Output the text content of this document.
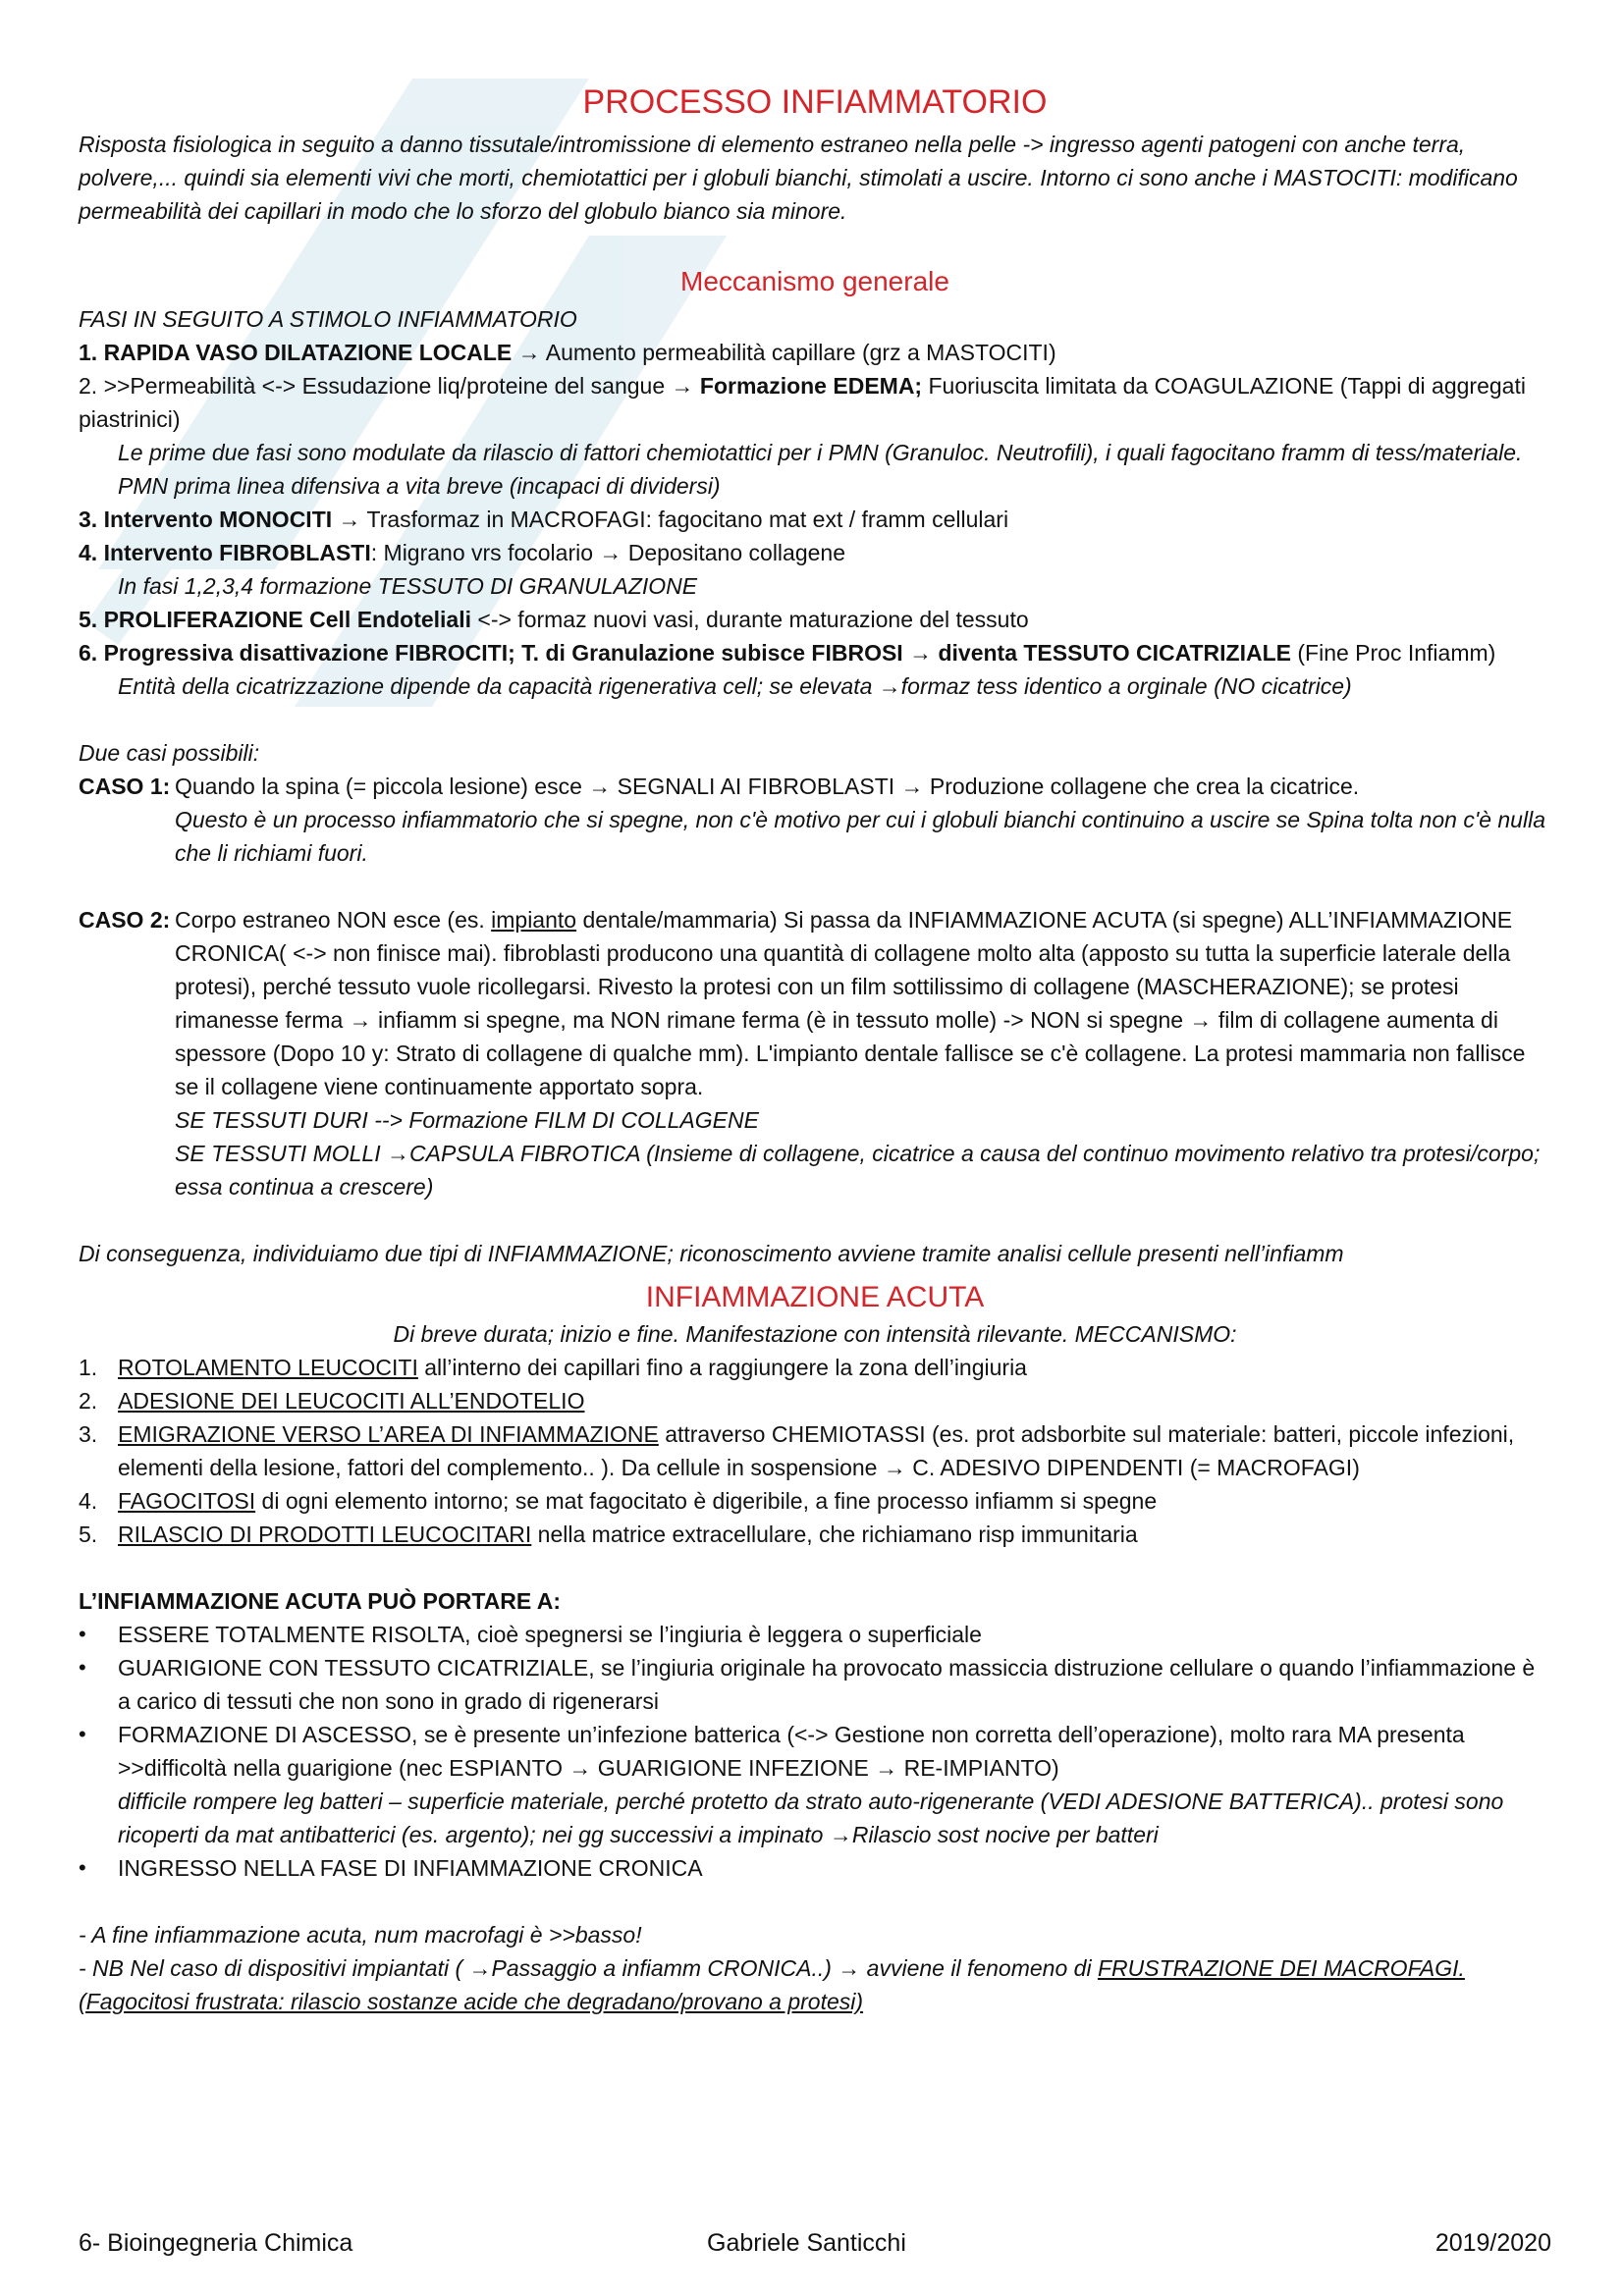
PROCESSO INFIAMMATORIO

Risposta fisiologica in seguito a danno tissutale/intromissione di elemento estraneo nella pelle -> ingresso agenti patogeni con anche terra, polvere,... quindi sia elementi vivi che morti, chemiotattici per i globuli bianchi, stimolati a uscire. Intorno ci sono anche i MASTOCITI: modificano permeabilità dei capillari in modo che lo sforzo del globulo bianco sia minore.

Meccanismo generale

FASI IN SEGUITO A STIMOLO INFIAMMATORIO

1. RAPIDA VASO DILATAZIONE LOCALE → Aumento permeabilità capillare (grz a MASTOCITI)

2. >>Permeabilità <-> Essudazione liq/proteine del sangue → Formazione EDEMA; Fuoriuscita limitata da COAGULAZIONE (Tappi di aggregati piastrinici)

Le prime due fasi sono modulate da rilascio di fattori chemiotattici per i PMN (Granuloc. Neutrofili), i quali fagocitano framm di tess/materiale. PMN prima linea difensiva a vita breve (incapaci di dividersi)

3. Intervento MONOCITI → Trasformaz in MACROFAGI: fagocitano mat ext / framm cellulari

4. Intervento FIBROBLASTI: Migrano vrs focolario → Depositano collagene

In fasi 1,2,3,4 formazione TESSUTO DI GRANULAZIONE

5. PROLIFERAZIONE Cell Endoteliali <-> formaz nuovi vasi, durante maturazione del tessuto

6. Progressiva disattivazione FIBROCITI; T. di Granulazione subisce FIBROSI → diventa TESSUTO CICATRIZIALE (Fine Proc Infiamm)

Entità della cicatrizzazione dipende da capacità rigenerativa cell; se elevata →formaz tess identico a orginale (NO cicatrice)

Due casi possibili:

CASO 1: Quando la spina (= piccola lesione) esce → SEGNALI AI FIBROBLASTI → Produzione collagene che crea la cicatrice.

Questo è un processo infiammatorio che si spegne, non c'è motivo per cui i globuli bianchi continuino a uscire se Spina tolta non c'è nulla che li richiami fuori.

CASO 2: Corpo estraneo NON esce (es. impianto dentale/mammaria) Si passa da INFIAMMAZIONE ACUTA (si spegne) ALL’INFIAMMAZIONE CRONICA( <-> non finisce mai). fibroblasti producono una quantità di collagene molto alta (apposto su tutta la superficie laterale della protesi), perché tessuto vuole ricollegarsi. Rivesto la protesi con un film sottilissimo di collagene (MASCHERAZIONE); se protesi rimanesse ferma → infiamm si spegne, ma NON rimane ferma (è in tessuto molle) -> NON si spegne → film di collagene aumenta di spessore (Dopo 10 y: Strato di collagene di qualche mm). L'impianto dentale fallisce se c'è collagene. La protesi mammaria non fallisce se il collagene viene continuamente apportato sopra.

SE TESSUTI DURI --> Formazione FILM DI COLLAGENE

SE TESSUTI MOLLI →CAPSULA FIBROTICA (Insieme di collagene, cicatrice a causa del continuo movimento relativo tra protesi/corpo; essa continua a crescere)

Di conseguenza, individuiamo due tipi di INFIAMMAZIONE; riconoscimento avviene tramite analisi cellule presenti nell’infiamm

INFIAMMAZIONE ACUTA

Di breve durata; inizio e fine. Manifestazione con intensità rilevante. MECCANISMO:

1. ROTOLAMENTO LEUCOCITI all’interno dei capillari fino a raggiungere la zona dell’ingiuria
2. ADESIONE DEI LEUCOCITI ALL’ENDOTELIO
3. EMIGRAZIONE VERSO L’AREA DI INFIAMMAZIONE attraverso CHEMIOTASSI (es. prot adsborbite sul materiale: batteri, piccole infezioni, elementi della lesione, fattori del complemento.. ). Da cellule in sospensione → C. ADESIVO DIPENDENTI (= MACROFAGI)
4. FAGOCITOSI di ogni elemento intorno; se mat fagocitato è digeribile, a fine processo infiamm si spegne
5. RILASCIO DI PRODOTTI LEUCOCITARI nella matrice extracellulare, che richiamano risp immunitaria

L’INFIAMMAZIONE ACUTA PUÒ PORTARE A:

• ESSERE TOTALMENTE RISOLTA, cioè spegnersi se l’ingiuria è leggera o superficiale
• GUARIGIONE CON TESSUTO CICATRIZIALE, se l’ingiuria originale ha provocato massiccia distruzione cellulare o quando l’infiammazione è a carico di tessuti che non sono in grado di rigenerarsi
• FORMAZIONE DI ASCESSO, se è presente un’infezione batterica (<-> Gestione non corretta dell’operazione), molto rara MA presenta >>difficoltà nella guarigione (nec ESPIANTO → GUARIGIONE INFEZIONE → RE-IMPIANTO)
difficile rompere leg batteri – superficie materiale, perché protetto da strato auto-rigenerante (VEDI ADESIONE BATTERICA).. protesi sono ricoperti da mat antibatterici (es. argento); nei gg successivi a impinato →Rilascio sost nocive per batteri
• INGRESSO NELLA FASE DI INFIAMMAZIONE CRONICA

- A fine infiammazione acuta, num macrofagi è >>basso!

- NB Nel caso di dispositivi impiantati ( →Passaggio a infiamm CRONICA..) → avviene il fenomeno di FRUSTRAZIONE DEI MACROFAGI.

(Fagocitosi frustrata: rilascio sostanze acide che degradano/provano a protesi)

6- Bioingegneria Chimica	Gabriele Santicchi	2019/2020
